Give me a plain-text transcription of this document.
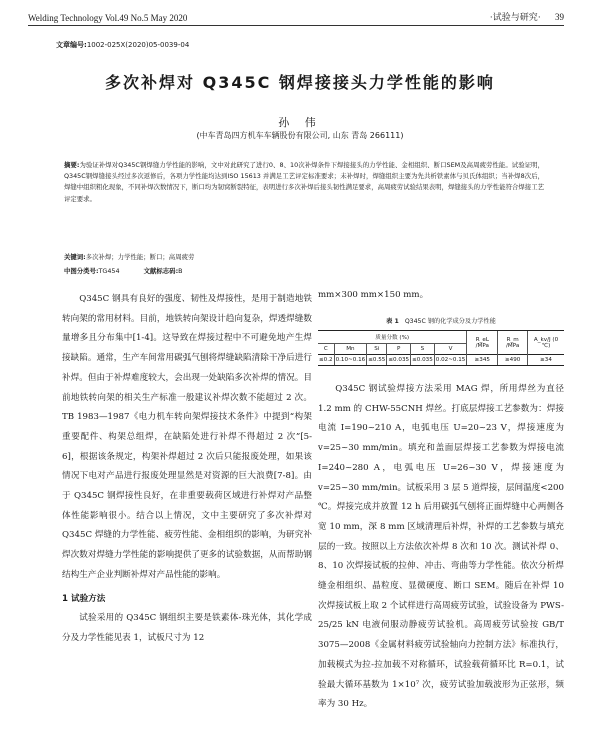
Welding Technology Vol.49 No.5 May 2020	·试验与研究· 39
文章编号:1002-025X(2020)05-0039-04
多次补焊对 Q345C 钢焊接接头力学性能的影响
孙 伟
(中车青岛四方机车车辆股份有限公司, 山东 青岛 266111)
摘要:为验证补焊对Q345C钢焊缝力学性能的影响，文中对此研究了进行0、8、10次补焊条件下焊接接头的力学性能、金相组织、断口SEM及高周疲劳性能。试验证明，Q345C钢焊缝接头经过多次返修后，各项力学性能均达到ISO 15613 并满足工艺评定标准要求；未补焊时，焊缝组织主要为先共析铁素体与贝氏体组织；当补焊8次后，焊缝中组织粗化现象，不同补焊次数情况下，断口均为韧窝断裂特征，表明进行多次补焊后接头韧性满足要求，高周疲劳试验结果表明，焊缝接头的力学性能符合焊接工艺评定要求。
关键词:多次补焊；力学性能；断口；高周疲劳
中图分类号:TG454	文献标志码:B

Q345C 钢具有良好的强度、韧性及焊接性，是用于制造地铁转向架的常用材料。目前，地铁转向架设计趋向复杂，焊透焊缝数量增多且分布集中[1-4]。这导致在焊接过程中不可避免地产生焊接缺陷。通常，生产车间常用碳弧气刨将焊缝缺陷清除干净后进行补焊。但由于补焊难度较大，会出现一处缺陷多次补焊的情况。目前地铁转向架的相关生产标准一般建议补焊次数不能超过 2 次。TB 1983—1987《电力机车转向架焊接技术条件》中提到“构架重要配件、构架总组焊，在缺陷处进行补焊不得超过 2 次”[5-6]，根据该条规定，构架补焊超过 2 次后只能报废处理，如果该情况下电对产品进行报废处理显然是对资源的巨大浪费[7-8]。由于 Q345C 钢焊接性良好，在非重要载荷区域进行补焊对产品整体性能影响很小。结合以上情况，文中主要研究了多次补焊对 Q345C 焊缝的力学性能、疲劳性能、金相组织的影响，为研究补焊次数对焊缝力学性能的影响提供了更多的试验数据，从而帮助钢结构生产企业判断补焊对产品性能的影响。

1 试验方法

试验采用的 Q345C 钢组织主要是铁素体-珠光体，其化学成分及力学性能见表 1，试板尺寸为 12

mm×300 mm×150 mm。

表 1 Q345C 钢的化学成分及力学性能
质量分数 (%)						R_eL /MPa	R_m /MPa	A_kv/J (0 ℃)
C	Mn	Si	P	S	V			
≤0.2	0.10~0.16	≤0.55	≤0.035	≤0.035	0.02~0.15	≥345	≥490	≥34

Q345C 钢试验焊接方法采用 MAG 焊，所用焊丝为直径 1.2 mm 的 CHW-55CNH 焊丝。打底层焊接工艺参数为：焊接电流 I=190~210 A，电弧电压 U=20~23 V，焊接速度为 v=25~30 mm/min。填充和盖面层焊接工艺参数为焊接电流 I=240~280 A，电弧电压 U=26~30 V，焊接速度为 v=25~30 mm/min。试板采用 3 层 5 道焊接，层间温度<200 ℃。焊接完成并放置 12 h 后用碳弧气刨将正面焊缝中心两侧各宽 10 mm，深 8 mm 区域清理后补焊，补焊的工艺参数与填充层的一致。按照以上方法依次补焊 8 次和 10 次。测试补焊 0、8、10 次焊接试板的拉伸、冲击、弯曲等力学性能。依次分析焊缝金相组织、晶粒度、显微硬度、断口 SEM。随后在补焊 10 次焊接试板上取 2 个试样进行高周疲劳试验，试验设备为 PWS-25/25 kN 电液伺服动静疲劳试验机。高周疲劳试验按 GB/T 3075—2008《金属材料疲劳试验轴向力控制方法》标准执行，加载模式为拉-拉加载不对称循环，试验载荷循环比 R=0.1，试验最大循环基数为 1×10⁷ 次，疲劳试验加载波形为正弦形，频率为 30 Hz。
